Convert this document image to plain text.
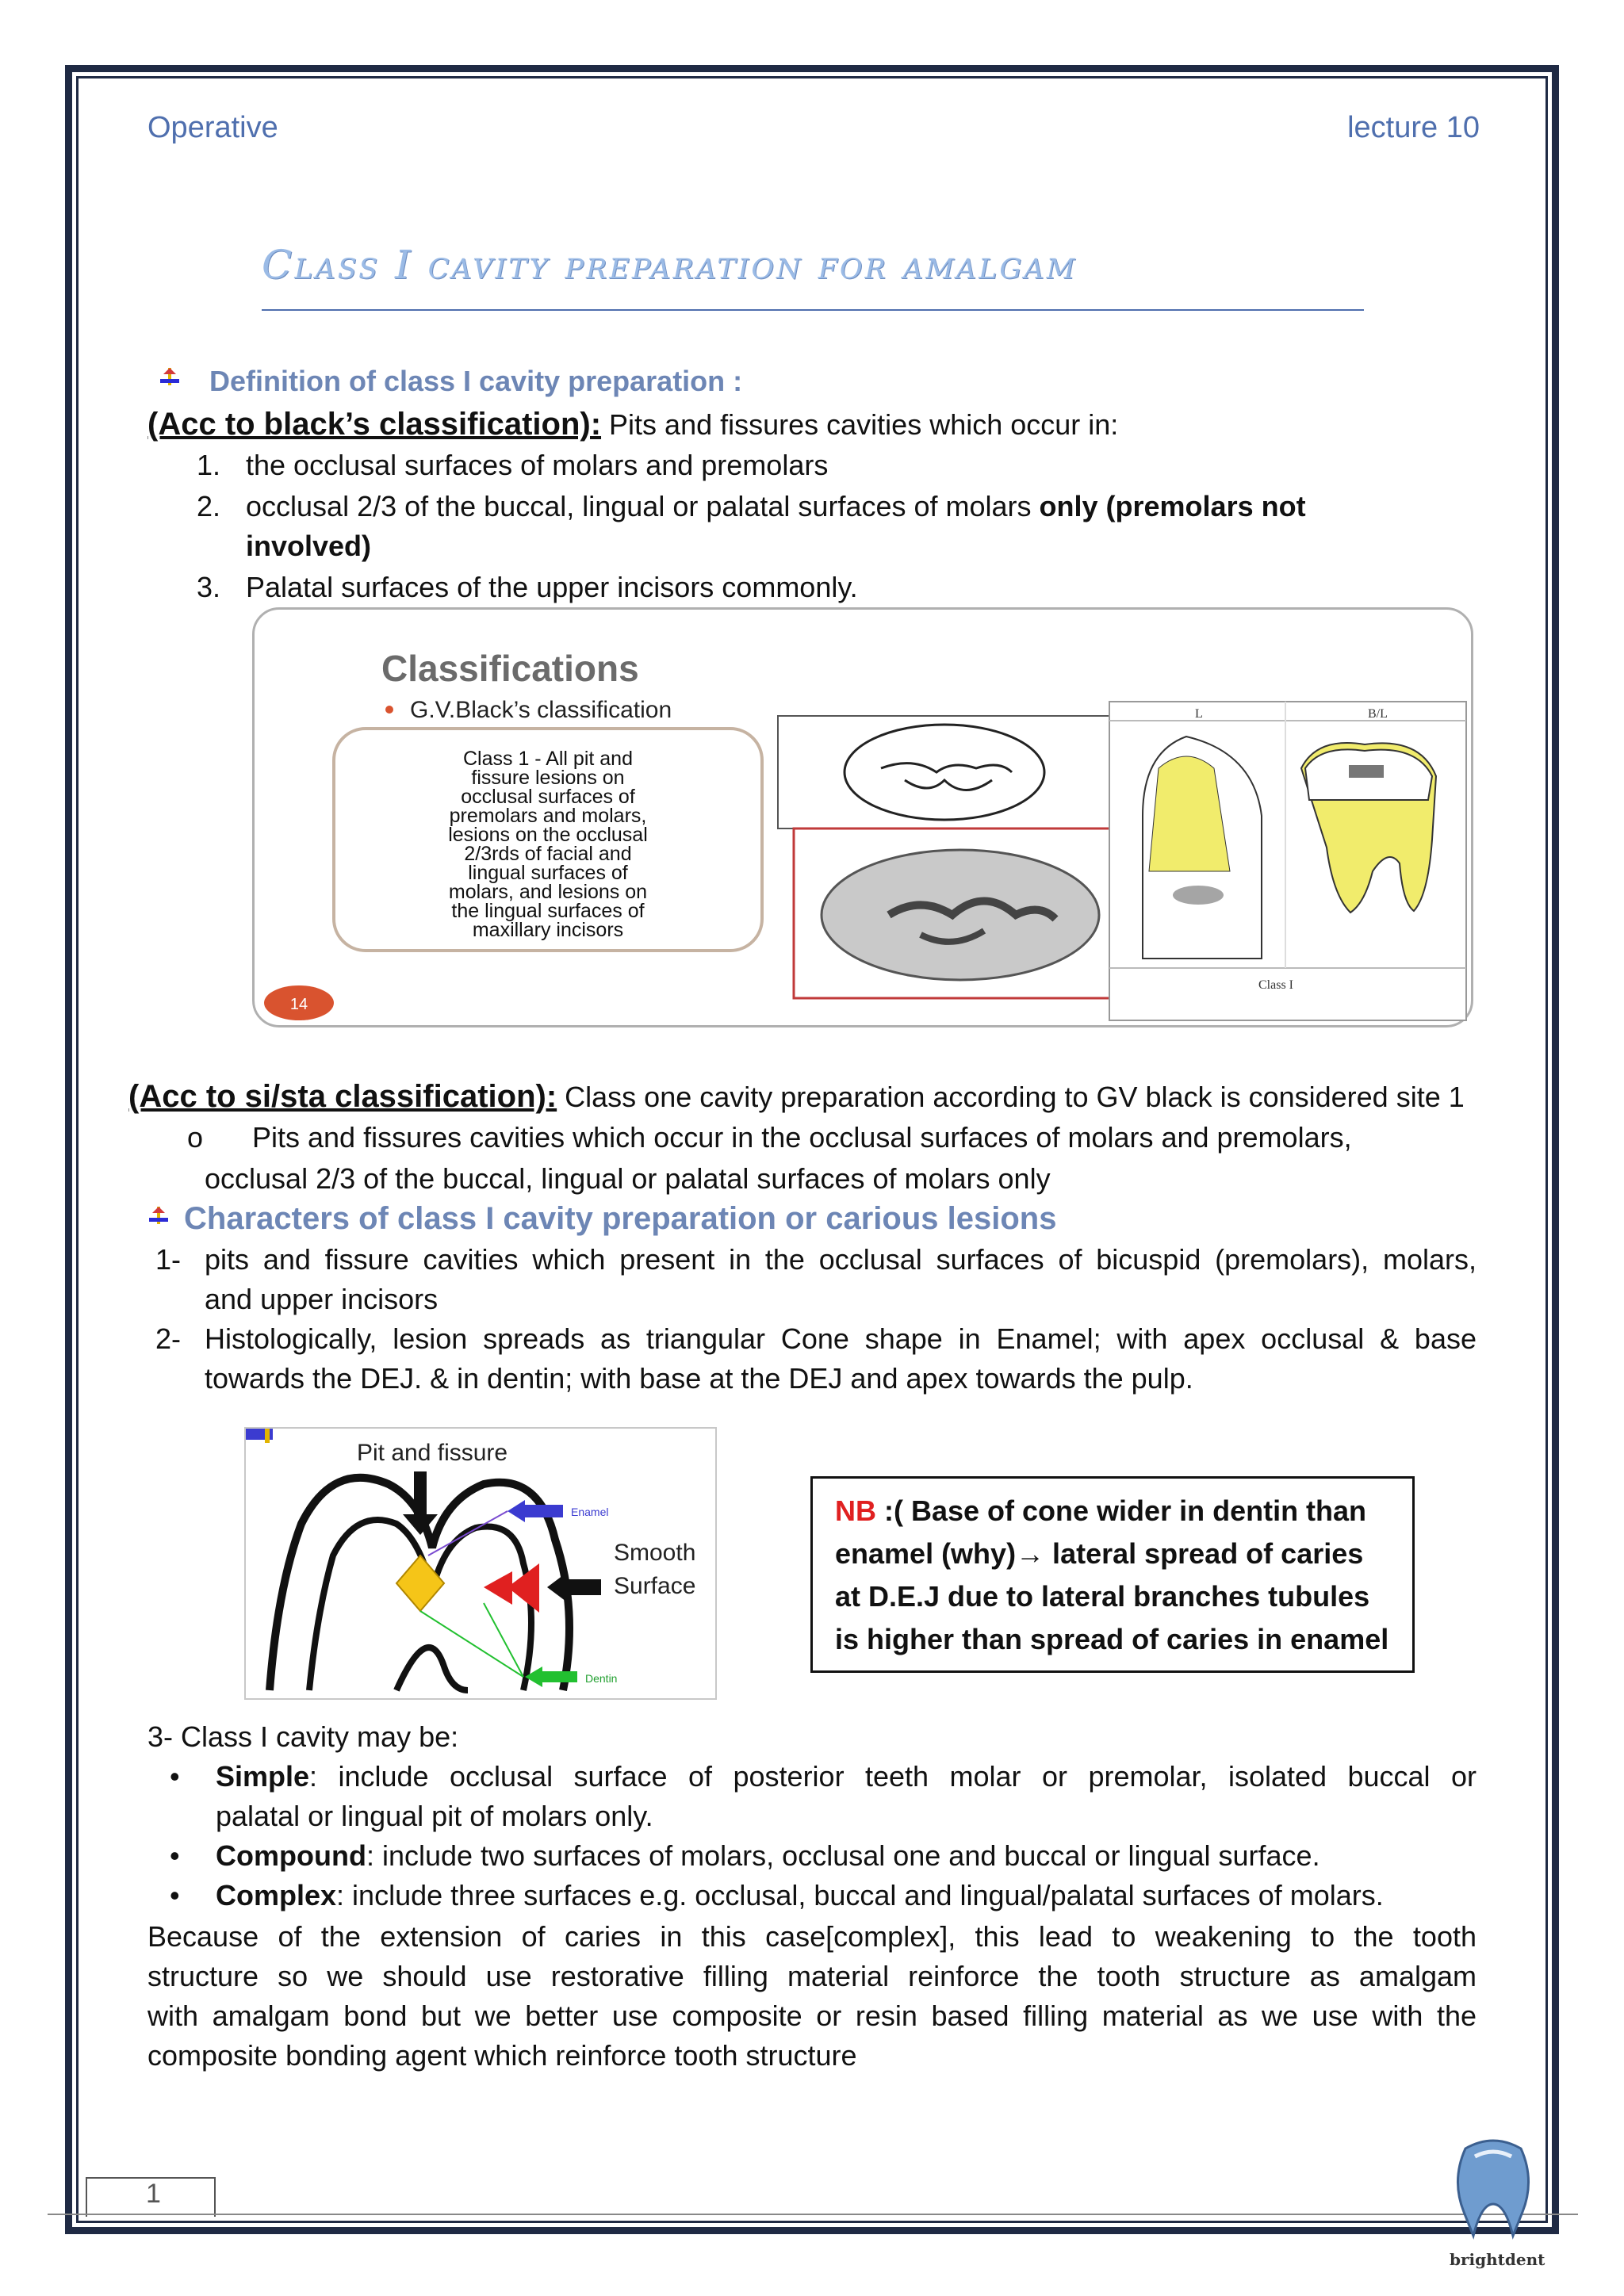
Operative	lecture 10
Class I cavity preparation for amalgam
Definition of class I cavity preparation :
(Acc to black’s classification): Pits and fissures cavities which occur in:
1. the occlusal surfaces of molars and premolars
2. occlusal 2/3 of the buccal, lingual or palatal surfaces of molars only (premolars not
involved)
3. Palatal surfaces of the upper incisors commonly.
Classifications
G.V.Black’s classification
Class 1 - All pit and
fissure lesions on
occlusal surfaces of
premolars and molars,
lesions on the occlusal
2/3rds of facial and
lingual surfaces of
molars, and lesions on
the lingual surfaces of
maxillary incisors
L	B/L
Class I
14
(Acc to si/sta classification): Class one cavity preparation according to GV black is considered site 1
o Pits and fissures cavities which occur in the occlusal surfaces of molars and premolars,
occlusal 2/3 of the buccal, lingual or palatal surfaces of molars only
Characters of class I cavity preparation or carious lesions
1- pits and fissure cavities which present in the occlusal surfaces of bicuspid (premolars), molars,
and upper incisors
2- Histologically, lesion spreads as triangular Cone shape in Enamel; with apex occlusal & base
towards the DEJ. & in dentin; with base at the DEJ and apex towards the pulp.
Pit and fissure
Enamel
Smooth
Surface
Dentin
NB :( Base of cone wider in dentin than
enamel (why)→ lateral spread of caries
at D.E.J due to lateral branches tubules
is higher than spread of caries in enamel
3- Class I cavity may be:
• Simple: include occlusal surface of posterior teeth molar or premolar, isolated buccal or
palatal or lingual pit of molars only.
• Compound: include two surfaces of molars, occlusal one and buccal or lingual surface.
• Complex: include three surfaces e.g. occlusal, buccal and lingual/palatal surfaces of molars.
Because of the extension of caries in this case[complex], this lead to weakening to the tooth
structure so we should use restorative filling material reinforce the tooth structure as amalgam
with amalgam bond but we better use composite or resin based filling material as we use with the
composite bonding agent which reinforce tooth structure
1
brightdent
